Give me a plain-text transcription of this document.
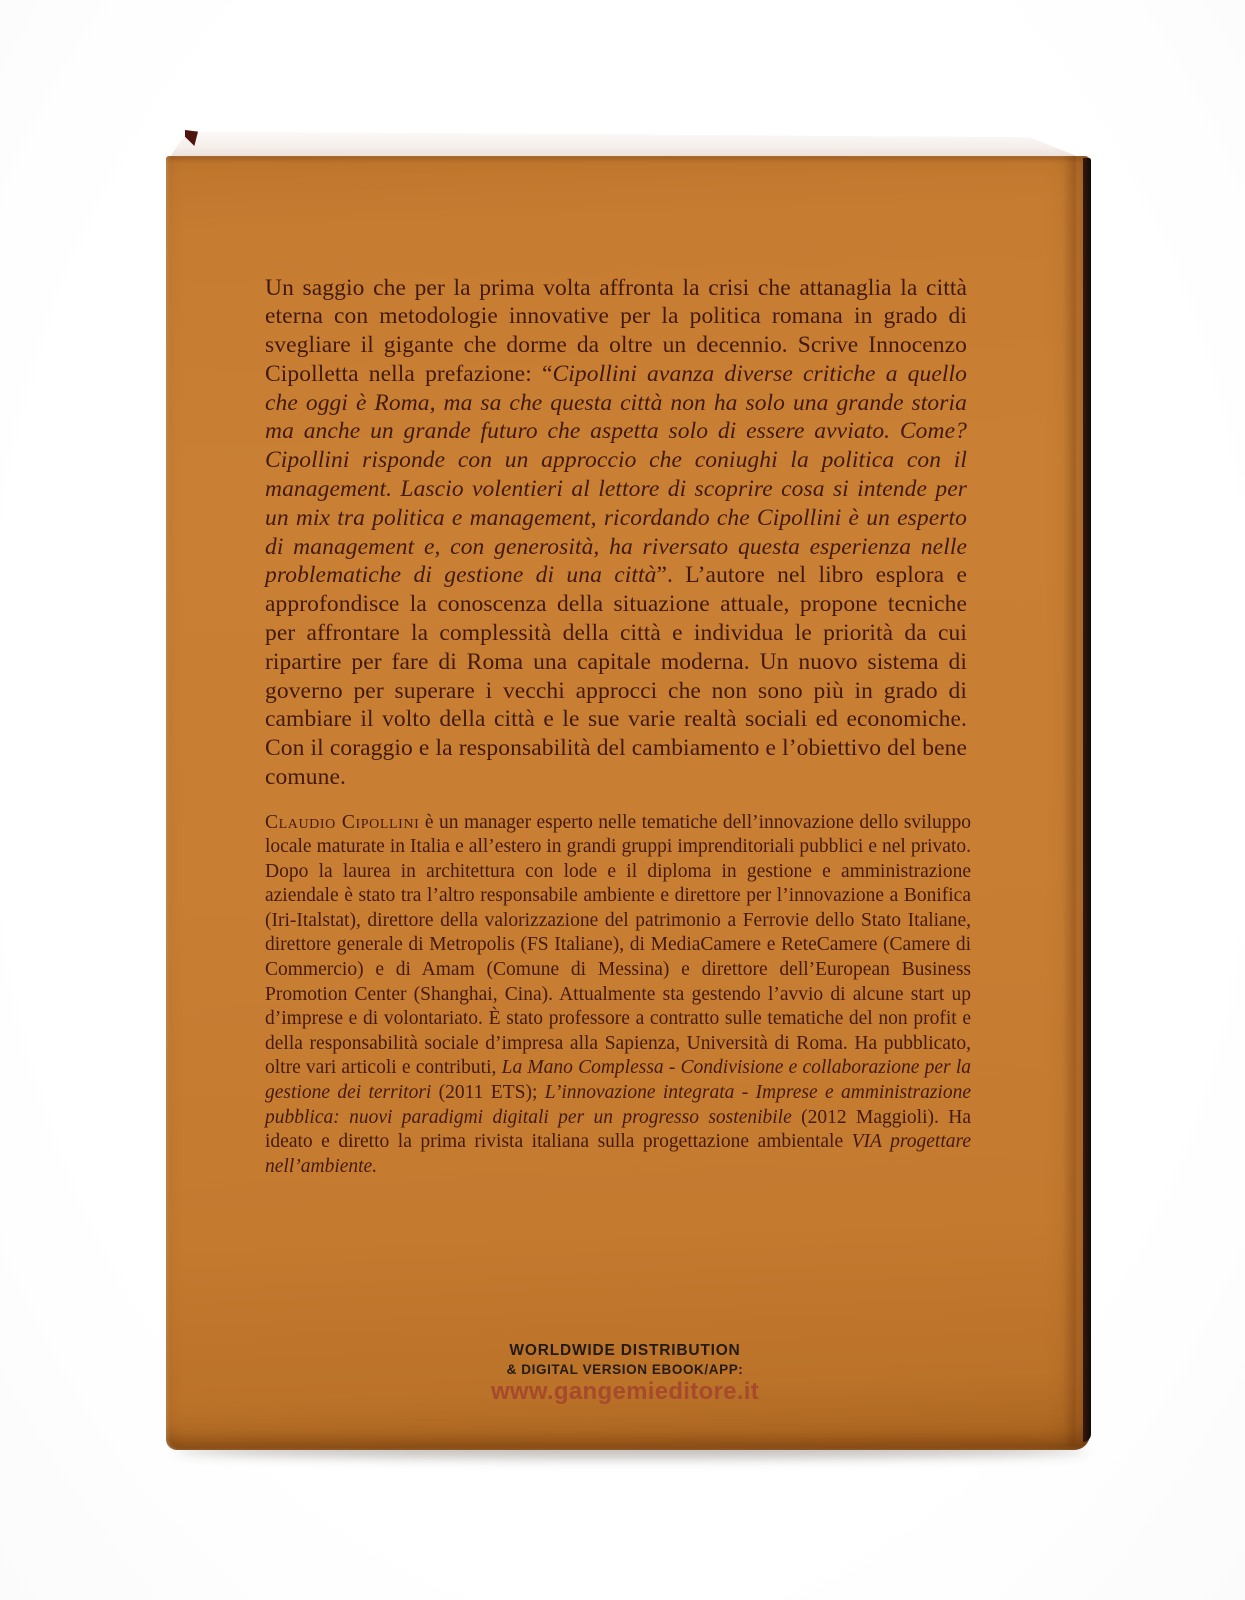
Un saggio che per la prima volta affronta la crisi che attanaglia la città eterna con metodologie innovative per la politica romana in grado di svegliare il gigante che dorme da oltre un decennio. Scrive Innocenzo Cipolletta nella prefazione: “Cipollini avanza diverse critiche a quello che oggi è Roma, ma sa che questa città non ha solo una grande storia ma anche un grande futuro che aspetta solo di essere avviato. Come? Cipollini risponde con un approccio che coniughi la politica con il management. Lascio volentieri al lettore di scoprire cosa si intende per un mix tra politica e management, ricordando che Cipollini è un esperto di management e, con generosità, ha riversato questa esperienza nelle problematiche di gestione di una città”. L’autore nel libro esplora e approfondisce la conoscenza della situazione attuale, propone tecniche per affrontare la complessità della città e individua le priorità da cui ripartire per fare di Roma una capitale moderna. Un nuovo sistema di governo per superare i vecchi approcci che non sono più in grado di cambiare il volto della città e le sue varie realtà sociali ed economiche. Con il coraggio e la responsabilità del cambiamento e l’obiettivo del bene comune.

Claudio Cipollini è un manager esperto nelle tematiche dell’innovazione dello sviluppo locale maturate in Italia e all’estero in grandi gruppi imprenditoriali pubblici e nel privato. Dopo la laurea in architettura con lode e il diploma in gestione e amministrazione aziendale è stato tra l’altro responsabile ambiente e direttore per l’innovazione a Bonifica (Iri-Italstat), direttore della valorizzazione del patrimonio a Ferrovie dello Stato Italiane, direttore generale di Metropolis (FS Italiane), di MediaCamere e ReteCamere (Camere di Commercio) e di Amam (Comune di Messina) e direttore dell’European Business Promotion Center (Shanghai, Cina). Attualmente sta gestendo l’avvio di alcune start up d’imprese e di volontariato. È stato professore a contratto sulle tematiche del non profit e della responsabilità sociale d’impresa alla Sapienza, Università di Roma. Ha pubblicato, oltre vari articoli e contributi, La Mano Complessa - Condivisione e collaborazione per la gestione dei territori (2011 ETS); L’innovazione integrata - Imprese e amministrazione pubblica: nuovi paradigmi digitali per un progresso sostenibile (2012 Maggioli). Ha ideato e diretto la prima rivista italiana sulla progettazione ambientale VIA progettare nell’ambiente.

WORLDWIDE DISTRIBUTION
& DIGITAL VERSION EBOOK/APP:
www.gangemieditore.it
